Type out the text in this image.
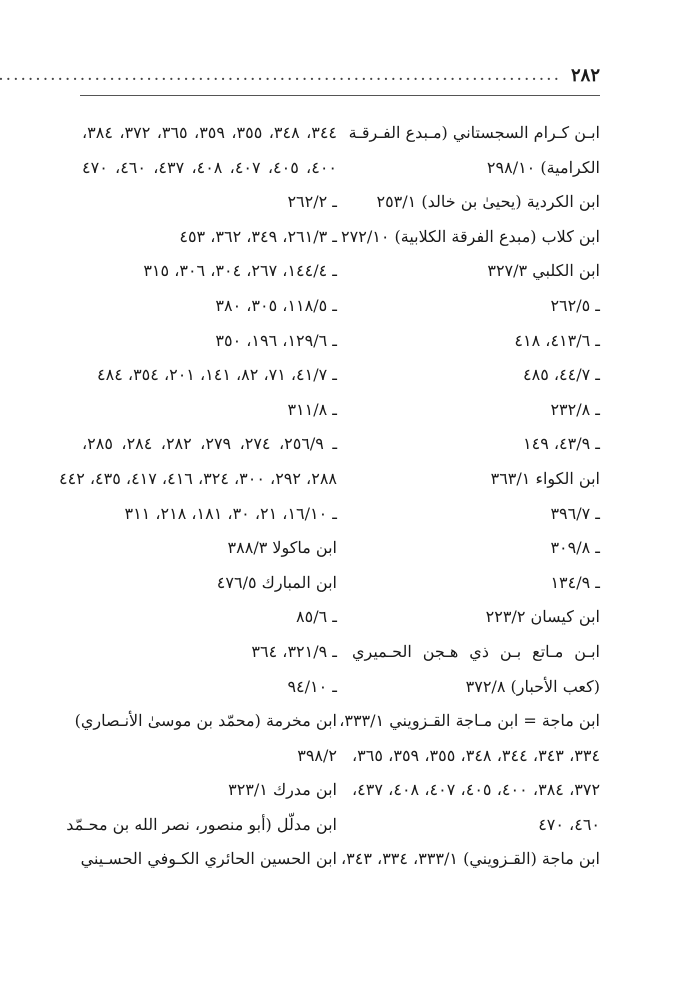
٢٨٢
.....
ابـن كـرام السجستاني (مـبدع الفـرقـة
الكرامية) ٢٩٨/١٠
ابن الكردية (يحيىٰ بن خالد) ٢٥٣/١
ابن كلاب (مبدع الفرقة الكلابية) ٢٧٢/١٠
ابن الكلبي ٣٢٧/٣
ـ ٢٦٢/٥
ـ ٤١٣/٦، ٤١٨
ـ ٤٤/٧، ٤٨٥
ـ ٢٣٢/٨
ـ ٤٣/٩، ١٤٩
ابن الكواء ٣٦٣/١
ـ ٣٩٦/٧
ـ ٣٠٩/٨
ـ ١٣٤/٩
ابن كيسان ٢٢٣/٢
ابـن مـاتع بـن ذي هـجن الحـميري
(كعب الأحبار) ٣٧٢/٨
ابن ماجة = ابن مـاجة القـزويني ٣٣٣/١،
٣٣٤، ٣٤٣، ٣٤٤، ٣٤٨، ٣٥٥، ٣٥٩، ٣٦٥،
٣٧٢، ٣٨٤، ٤٠٠، ٤٠٥، ٤٠٧، ٤٠٨، ٤٣٧،
٤٦٠، ٤٧٠
ابن ماجة (القـزويني) ٣٣٣/١، ٣٣٤، ٣٤٣،
٣٤٤، ٣٤٨، ٣٥٥، ٣٥٩، ٣٦٥، ٣٧٢، ٣٨٤،
٤٠٠، ٤٠٥، ٤٠٧، ٤٠٨، ٤٣٧، ٤٦٠، ٤٧٠
ـ ٢٦٢/٢
ـ ٢٦١/٣، ٣٤٩، ٣٦٢، ٤٥٣
ـ ١٤٤/٤، ٢٦٧، ٣٠٤، ٣٠٦، ٣١٥
ـ ١١٨/٥، ٣٠٥، ٣٨٠
ـ ١٢٩/٦، ١٩٦، ٣٥٠
ـ ٤١/٧، ٧١، ٨٢، ١٤١، ٢٠١، ٣٥٤، ٤٨٤
ـ ٣١١/٨
ـ ٢٥٦/٩، ٢٧٤، ٢٧٩، ٢٨٢، ٢٨٤، ٢٨٥،
٢٨٨، ٢٩٢، ٣٠٠، ٣٢٤، ٤١٦، ٤١٧، ٤٣٥، ٤٤٢
ـ ١٦/١٠، ٢١، ٣٠، ١٨١، ٢١٨، ٣١١
ابن ماكولا ٣٨٨/٣
ابن المبارك ٤٧٦/٥
ـ ٨٥/٦
ـ ٣٢١/٩، ٣٦٤
ـ ٩٤/١٠
ابن مخرمة (محمّد بن موسىٰ الأنـصاري)
٣٩٨/٢
ابن مدرك ٣٢٣/١
ابن مدلّل (أبو منصور، نصر الله بن محـمّد
ابن الحسين الحائري الكـوفي الحسـيني
